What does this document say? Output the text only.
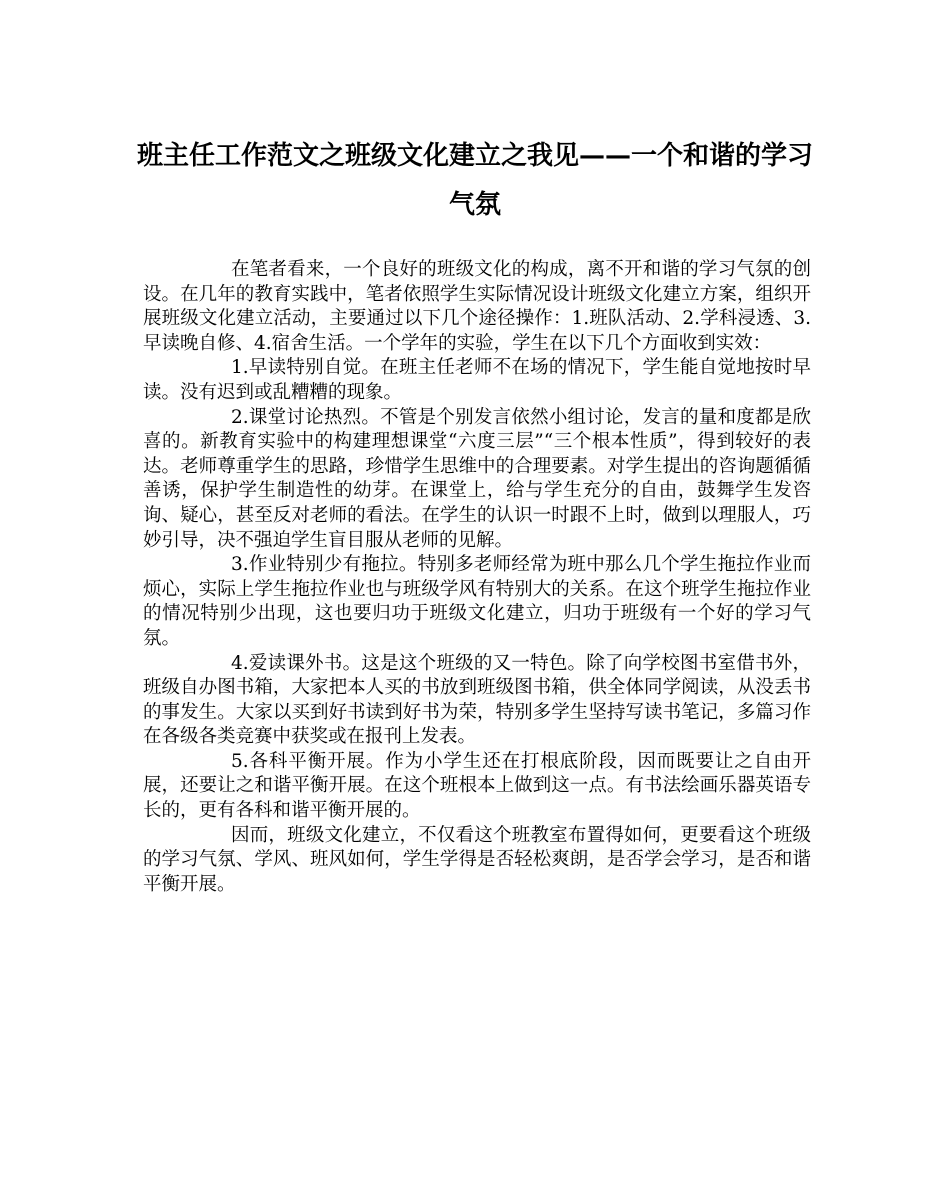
班主任工作范文之班级文化建立之我见——一个和谐的学习气氛

在笔者看来，一个良好的班级文化的构成，离不开和谐的学习气氛的创设。在几年的教育实践中，笔者依照学生实际情况设计班级文化建立方案，组织开展班级文化建立活动，主要通过以下几个途径操作：1.班队活动、2.学科浸透、3.早读晚自修、4.宿舍生活。一个学年的实验，学生在以下几个方面收到实效：

1.早读特别自觉。在班主任老师不在场的情况下，学生能自觉地按时早读。没有迟到或乱糟糟的现象。

2.课堂讨论热烈。不管是个别发言依然小组讨论，发言的量和度都是欣喜的。新教育实验中的构建理想课堂“六度三层”“三个根本性质”，得到较好的表达。老师尊重学生的思路，珍惜学生思维中的合理要素。对学生提出的咨询题循循善诱，保护学生制造性的幼芽。在课堂上，给与学生充分的自由，鼓舞学生发咨询、疑心，甚至反对老师的看法。在学生的认识一时跟不上时，做到以理服人，巧妙引导，决不强迫学生盲目服从老师的见解。

3.作业特别少有拖拉。特别多老师经常为班中那么几个学生拖拉作业而烦心，实际上学生拖拉作业也与班级学风有特别大的关系。在这个班学生拖拉作业的情况特别少出现，这也要归功于班级文化建立，归功于班级有一个好的学习气氛。

4.爱读课外书。这是这个班级的又一特色。除了向学校图书室借书外，班级自办图书箱，大家把本人买的书放到班级图书箱，供全体同学阅读，从没丢书的事发生。大家以买到好书读到好书为荣，特别多学生坚持写读书笔记，多篇习作在各级各类竞赛中获奖或在报刊上发表。

5.各科平衡开展。作为小学生还在打根底阶段，因而既要让之自由开展，还要让之和谐平衡开展。在这个班根本上做到这一点。有书法绘画乐器英语专长的，更有各科和谐平衡开展的。

因而，班级文化建立，不仅看这个班教室布置得如何，更要看这个班级的学习气氛、学风、班风如何，学生学得是否轻松爽朗，是否学会学习，是否和谐平衡开展。
